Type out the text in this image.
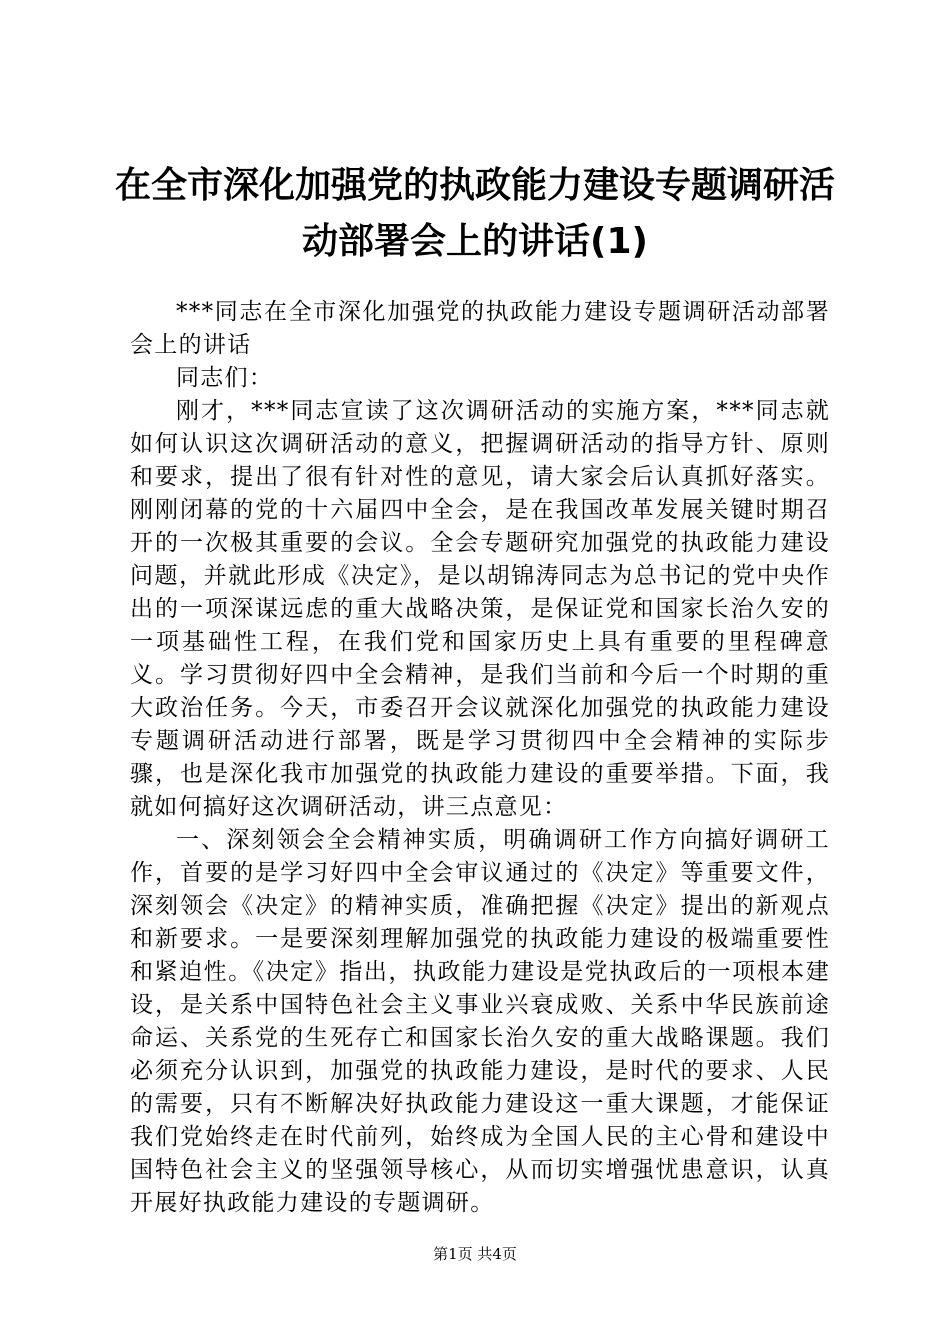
在全市深化加强党的执政能力建设专题调研活动部署会上的讲话(1)

***同志在全市深化加强党的执政能力建设专题调研活动部署会上的讲话

同志们：

刚才，***同志宣读了这次调研活动的实施方案，***同志就如何认识这次调研活动的意义，把握调研活动的指导方针、原则和要求，提出了很有针对性的意见，请大家会后认真抓好落实。刚刚闭幕的党的十六届四中全会，是在我国改革发展关键时期召开的一次极其重要的会议。全会专题研究加强党的执政能力建设问题，并就此形成《决定》，是以胡锦涛同志为总书记的党中央作出的一项深谋远虑的重大战略决策，是保证党和国家长治久安的一项基础性工程，在我们党和国家历史上具有重要的里程碑意义。学习贯彻好四中全会精神，是我们当前和今后一个时期的重大政治任务。今天，市委召开会议就深化加强党的执政能力建设专题调研活动进行部署，既是学习贯彻四中全会精神的实际步骤，也是深化我市加强党的执政能力建设的重要举措。下面，我就如何搞好这次调研活动，讲三点意见：

一、深刻领会全会精神实质，明确调研工作方向搞好调研工作，首要的是学习好四中全会审议通过的《决定》等重要文件，深刻领会《决定》的精神实质，准确把握《决定》提出的新观点和新要求。一是要深刻理解加强党的执政能力建设的极端重要性和紧迫性。《决定》指出，执政能力建设是党执政后的一项根本建设，是关系中国特色社会主义事业兴衰成败、关系中华民族前途命运、关系党的生死存亡和国家长治久安的重大战略课题。我们必须充分认识到，加强党的执政能力建设，是时代的要求、人民的需要，只有不断解决好执政能力建设这一重大课题，才能保证我们党始终走在时代前列，始终成为全国人民的主心骨和建设中国特色社会主义的坚强领导核心，从而切实增强忧患意识，认真开展好执政能力建设的专题调研。

第1页 共4页
